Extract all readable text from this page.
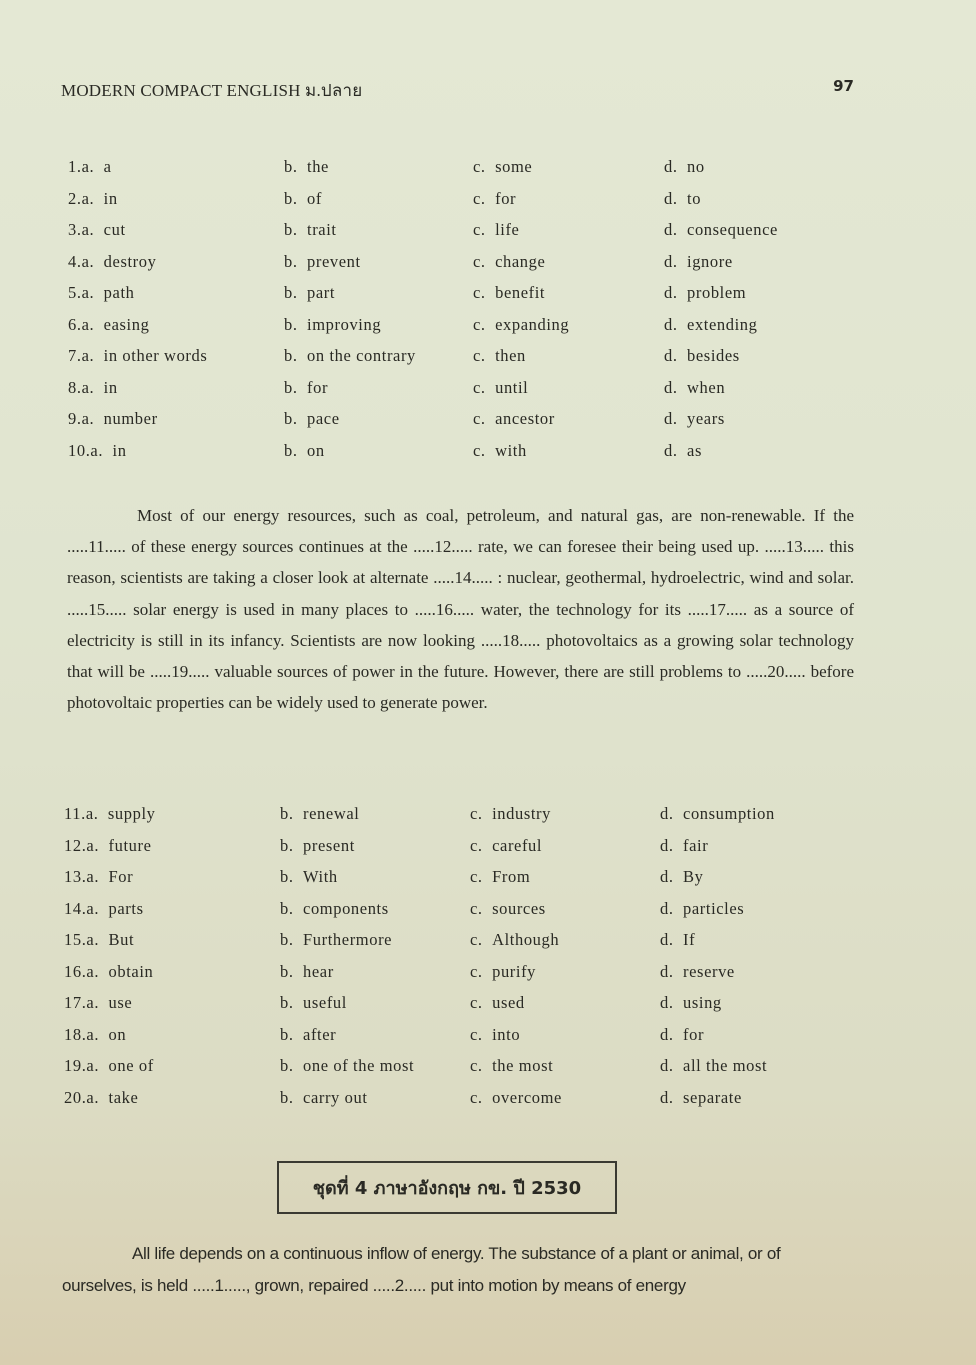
MODERN COMPACT ENGLISH ม.ปลาย	97
1.a.  a	b.  the	c.  some	d.  no
2.a.  in	b.  of	c.  for	d.  to
3.a.  cut	b.  trait	c.  life	d.  consequence
4.a.  destroy	b.  prevent	c.  change	d.  ignore
5.a.  path	b.  part	c.  benefit	d.  problem
6.a.  easing	b.  improving	c.  expanding	d.  extending
7.a.  in other words	b.  on the contrary	c.  then	d.  besides
8.a.  in	b.  for	c.  until	d.  when
9.a.  number	b.  pace	c.  ancestor	d.  years
10.a.  in	b.  on	c.  with	d.  as

Most of our energy resources, such as coal, petroleum, and natural gas, are non-renewable. If the .....11..... of these energy sources continues at the .....12..... rate, we can foresee their being used up. .....13..... this reason, scientists are taking a closer look at alternate .....14..... : nuclear, geothermal, hydroelectric, wind and solar. .....15..... solar energy is used in many places to .....16..... water, the technology for its .....17..... as a source of electricity is still in its infancy. Scientists are now looking .....18..... photovoltaics as a growing solar technology that will be .....19..... valuable sources of power in the future. However, there are still problems to .....20..... before photovoltaic properties can be widely used to generate power.

11.a.  supply	b.  renewal	c.  industry	d.  consumption
12.a.  future	b.  present	c.  careful	d.  fair
13.a.  For	b.  With	c.  From	d.  By
14.a.  parts	b.  components	c.  sources	d.  particles
15.a.  But	b.  Furthermore	c.  Although	d.  If
16.a.  obtain	b.  hear	c.  purify	d.  reserve
17.a.  use	b.  useful	c.  used	d.  using
18.a.  on	b.  after	c.  into	d.  for
19.a.  one of	b.  one of the most	c.  the most	d.  all the most
20.a.  take	b.  carry out	c.  overcome	d.  separate
ชุดที่ 4 ภาษาอังกฤษ กข. ปี 2530

All life depends on a continuous inflow of energy. The substance of a plant or animal, or of ourselves, is held .....1....., grown, repaired .....2..... put into motion by means of energy
